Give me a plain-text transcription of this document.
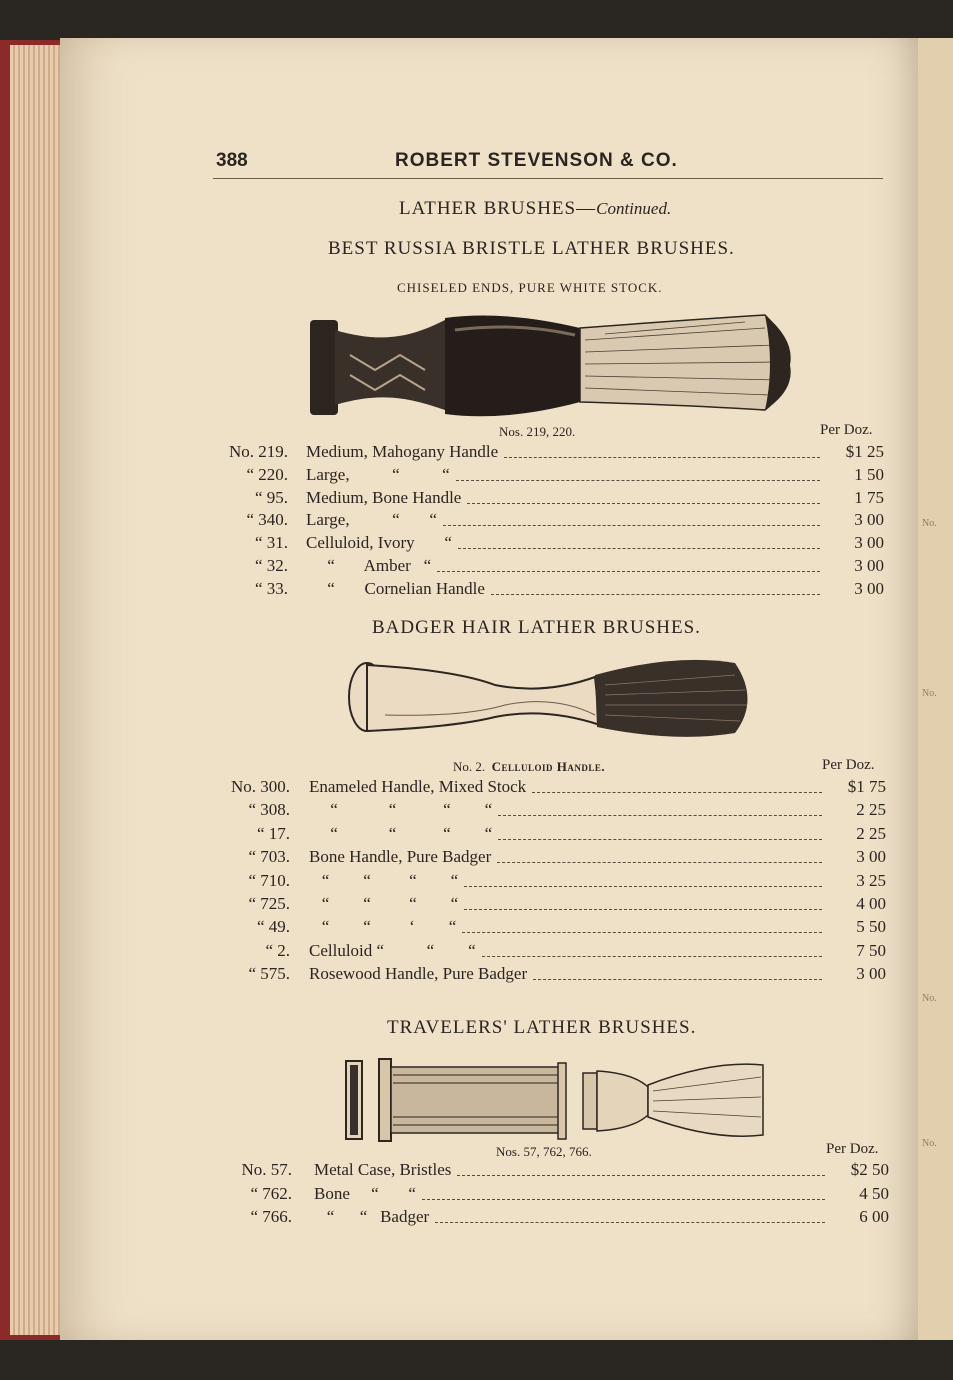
No.
No.
No.
No.
388	ROBERT STEVENSON & CO.
LATHER BRUSHES—Continued.
BEST RUSSIA BRISTLE LATHER BRUSHES.
CHISELED ENDS, PURE WHITE STOCK.
Nos. 219, 220.	Per Doz.
No. 219. Medium, Mahogany Handle	$1 25
“ 220. Large,          “          “	1 50
“ 95. Medium, Bone Handle	1 75
“ 340. Large,          “       “	3 00
“ 31. Celluloid, Ivory       “	3 00
“ 32. “       Amber   “	3 00
“ 33. “       Cornelian Handle	3 00
BADGER HAIR LATHER BRUSHES.
No. 2. Celluloid Handle.	Per Doz.
No. 300. Enameled Handle, Mixed Stock	$1 75
“ 308. “            “           “        “	2 25
“ 17. “            “           “        “	2 25
“ 703. Bone Handle, Pure Badger	3 00
“ 710. “        “         “        “	3 25
“ 725. “        “         “        “	4 00
“ 49. “        “         ‘        “	5 50
“ 2. Celluloid “          “        “	7 50
“ 575. Rosewood Handle, Pure Badger	3 00
TRAVELERS' LATHER BRUSHES.
Nos. 57, 762, 766.	Per Doz.
No. 57. Metal Case, Bristles	$2 50
“ 762. Bone     “       “	4 50
“ 766. “      “   Badger	6 00
